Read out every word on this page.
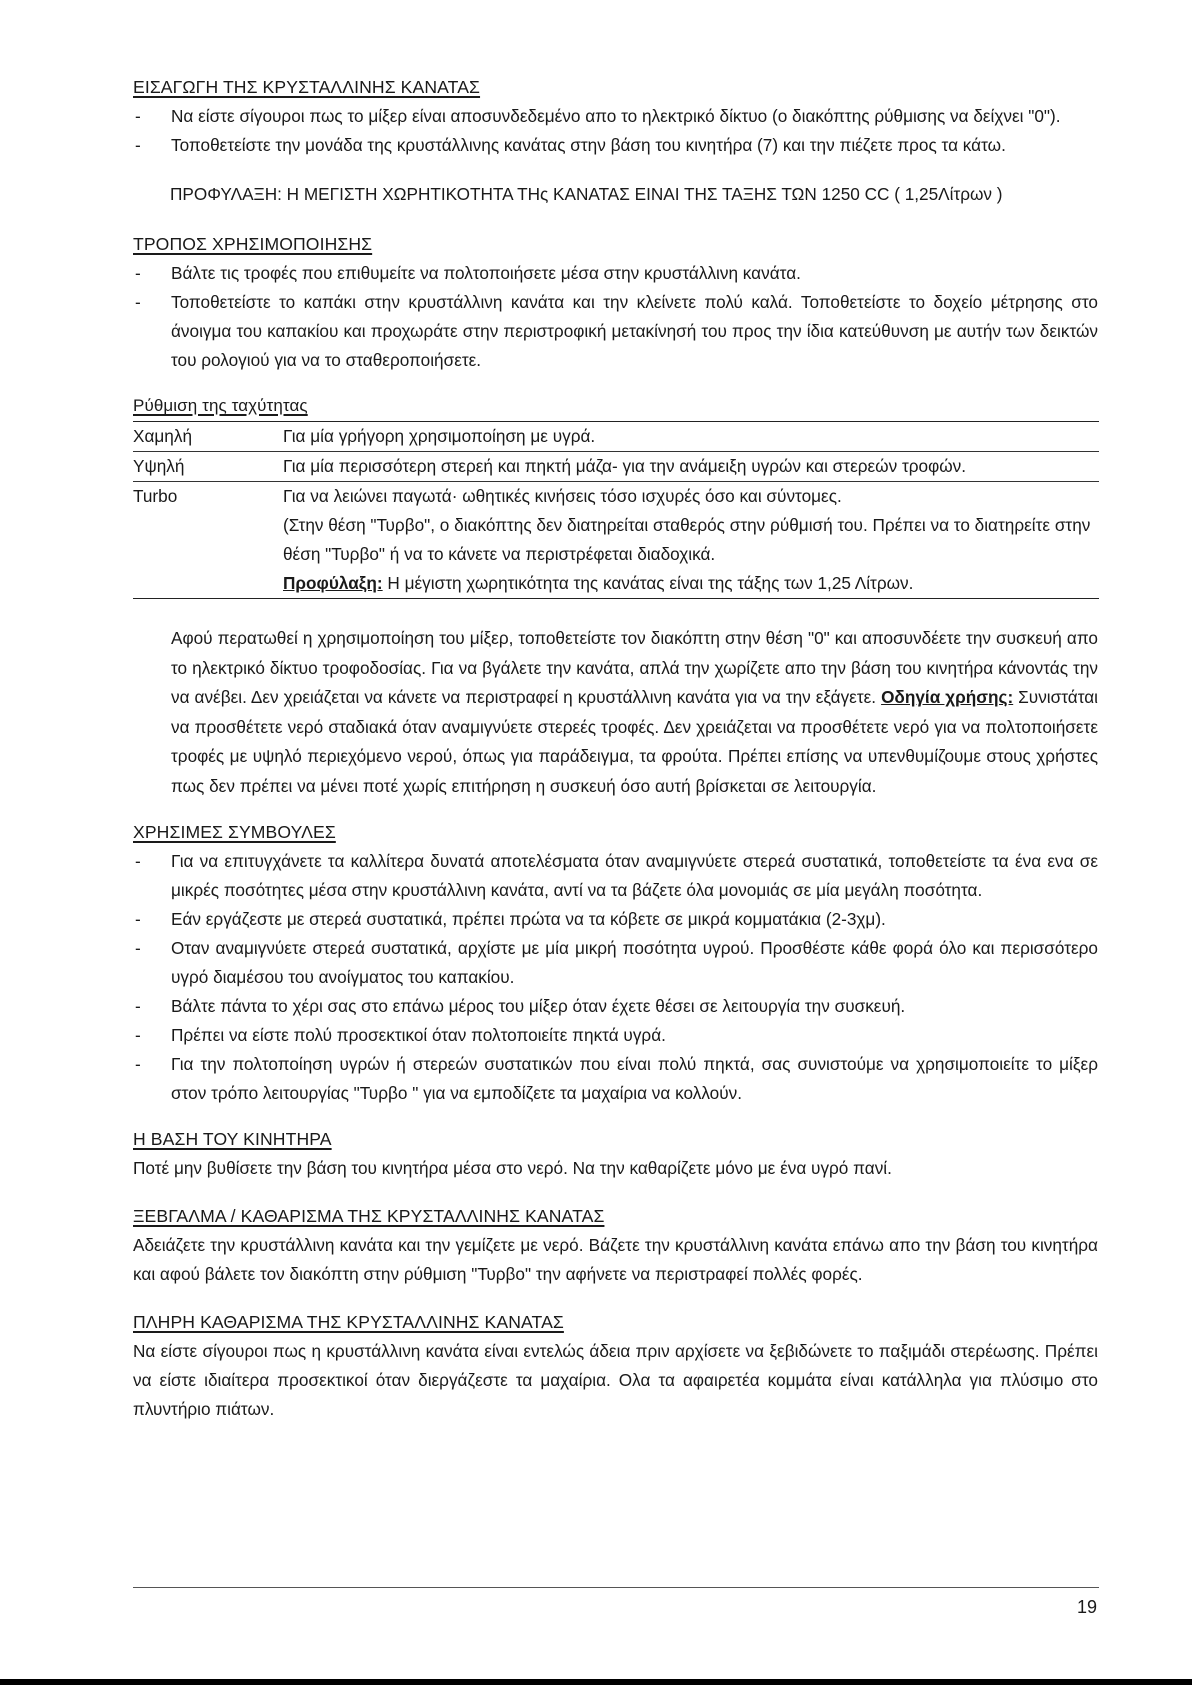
ΕΙΣΑΓΩΓΗ ΤΗΣ ΚΡΥΣΤΑΛΛΙΝΗΣ ΚΑΝΑΤΑΣ
- Να είστε σίγουροι πως το μίξερ είναι αποσυνδεδεμένο απο το ηλεκτρικό δίκτυο (ο διακόπτης ρύθμισης να δείχνει "0").
- Τοποθετείστε την μονάδα της κρυστάλλινης κανάτας στην βάση του κινητήρα (7) και την πιέζετε προς τα κάτω.
ΠΡΟΦΥΛΑΞΗ: Η ΜΕΓΙΣΤΗ ΧΩΡΗΤΙΚΟΤΗΤΑ ΤΗς ΚΑΝΑΤΑΣ ΕΙΝΑΙ ΤΗΣ ΤΑΞΗΣ ΤΩΝ 1250 CC ( 1,25Λίτρων )
ΤΡΟΠΟΣ ΧΡΗΣΙΜΟΠΟΙΗΣΗΣ
- Βάλτε τις τροφές που επιθυμείτε να πολτοποιήσετε μέσα στην κρυστάλλινη κανάτα.
- Τοποθετείστε το καπάκι στην κρυστάλλινη κανάτα και την κλείνετε πολύ καλά. Τοποθετείστε το δοχείο μέτρησης στο άνοιγμα του καπακίου και προχωράτε στην περιστροφική μετακίνησή του προς την ίδια κατεύθυνση με αυτήν των δεικτών του ρολογιού για να το σταθεροποιήσετε.
Ρύθμιση της ταχύτητας
Χαμηλή	Για μία γρήγορη χρησιμοποίηση με υγρά.
Υψηλή	Για μία περισσότερη στερεή και πηκτή μάζα- για την ανάμειξη υγρών και στερεών τροφών.
Turbo	Για να λειώνει παγωτά· ωθητικές κινήσεις τόσο ισχυρές όσο και σύντομες.
(Στην θέση "Τυρβο", ο διακόπτης δεν διατηρείται σταθερός στην ρύθμισή του. Πρέπει να το διατηρείτε στην θέση "Τυρβο" ή να το κάνετε να περιστρέφεται διαδοχικά.
Προφύλαξη: Η μέγιστη χωρητικότητα της κανάτας είναι της τάξης των 1,25 Λίτρων.
Αφού περατωθεί η χρησιμοποίηση του μίξερ, τοποθετείστε τον διακόπτη στην θέση "0" και αποσυνδέετε την συσκευή απο το ηλεκτρικό δίκτυο τροφοδοσίας. Για να βγάλετε την κανάτα, απλά την χωρίζετε απο την βάση του κινητήρα κάνοντάς την να ανέβει. Δεν χρειάζεται να κάνετε να περιστραφεί η κρυστάλλινη κανάτα για να την εξάγετε. Οδηγία χρήσης: Συνιστάται να προσθέτετε νερό σταδιακά όταν αναμιγνύετε στερεές τροφές. Δεν χρειάζεται να προσθέτετε νερό για να πολτοποιήσετε τροφές με υψηλό περιεχόμενο νερού, όπως για παράδειγμα, τα φρούτα. Πρέπει επίσης να υπενθυμίζουμε στους χρήστες πως δεν πρέπει να μένει ποτέ χωρίς επιτήρηση η συσκευή όσο αυτή βρίσκεται σε λειτουργία.
ΧΡΗΣΙΜΕΣ ΣΥΜΒΟΥΛΕΣ
- Για να επιτυγχάνετε τα καλλίτερα δυνατά αποτελέσματα όταν αναμιγνύετε στερεά συστατικά, τοποθετείστε τα ένα ενα σε μικρές ποσότητες μέσα στην κρυστάλλινη κανάτα, αντί να τα βάζετε όλα μονομιάς σε μία μεγάλη ποσότητα.
- Εάν εργάζεστε με στερεά συστατικά, πρέπει πρώτα να τα κόβετε σε μικρά κομματάκια (2-3χμ).
- Οταν αναμιγνύετε στερεά συστατικά, αρχίστε με μία μικρή ποσότητα υγρού. Προσθέστε κάθε φορά όλο και περισσότερο υγρό διαμέσου του ανοίγματος του καπακίου.
- Βάλτε πάντα το χέρι σας στο επάνω μέρος του μίξερ όταν έχετε θέσει σε λειτουργία την συσκευή.
- Πρέπει να είστε πολύ προσεκτικοί όταν πολτοποιείτε πηκτά υγρά.
- Για την πολτοποίηση υγρών ή στερεών συστατικών που είναι πολύ πηκτά, σας συνιστούμε να χρησιμοποιείτε το μίξερ στον τρόπο λειτουργίας "Τυρβο " για να εμποδίζετε τα μαχαίρια να κολλούν.
Η ΒΑΣΗ ΤΟΥ ΚΙΝΗΤΗΡΑ
Ποτέ μην βυθίσετε την βάση του κινητήρα μέσα στο νερό. Να την καθαρίζετε μόνο με ένα υγρό πανί.
ΞΕΒΓΑΛΜΑ / ΚΑΘΑΡΙΣΜΑ ΤΗΣ ΚΡΥΣΤΑΛΛΙΝΗΣ ΚΑΝΑΤΑΣ
Αδειάζετε την κρυστάλλινη κανάτα και την γεμίζετε με νερό. Βάζετε την κρυστάλλινη κανάτα επάνω απο την βάση του κινητήρα και αφού βάλετε τον διακόπτη στην ρύθμιση "Τυρβο" την αφήνετε να περιστραφεί πολλές φορές.
ΠΛΗΡΗ ΚΑΘΑΡΙΣΜΑ ΤΗΣ ΚΡΥΣΤΑΛΛΙΝΗΣ ΚΑΝΑΤΑΣ
Να είστε σίγουροι πως η κρυστάλλινη κανάτα είναι εντελώς άδεια πριν αρχίσετε να ξεβιδώνετε το παξιμάδι στερέωσης. Πρέπει να είστε ιδιαίτερα προσεκτικοί όταν διεργάζεστε τα μαχαίρια. Ολα τα αφαιρετέα κομμάτα είναι κατάλληλα για πλύσιμο στο πλυντήριο πιάτων.
19
